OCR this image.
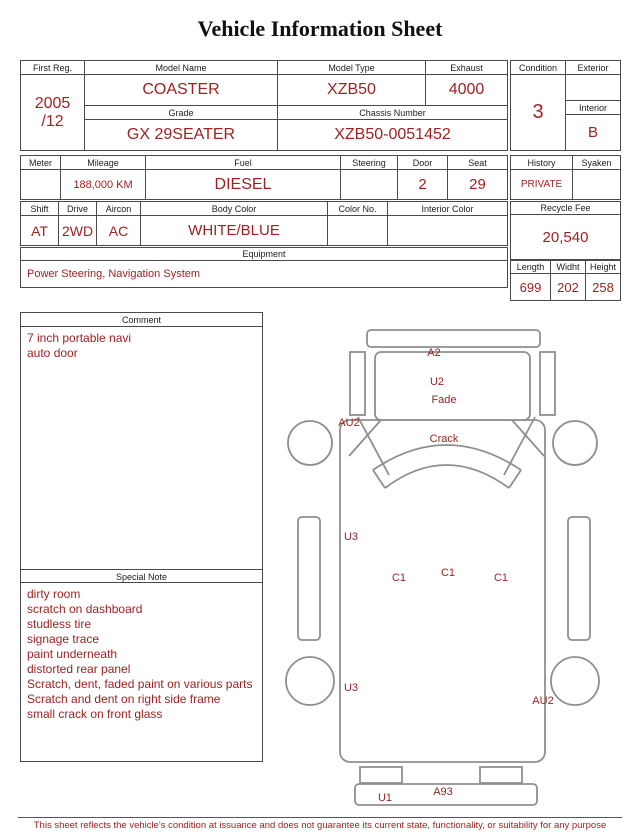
Vehicle Information Sheet
First Reg.	Model Name	Model Type	Exhaust

2005
/12	COASTER	XZB50	4000
	Grade	Chassis Number	
	GX 29SEATER	XZB50-0051452	
Condition	Exterior
3	
	Interior
	B
Meter	Mileage	Fuel	Steering	Door	Seat
	188,000 KM	DIESEL		2	29
Shift	Drive	Aircon	Body Color	Color No.	Interior Color
AT	2WD	AC	WHITE/BLUE		
Equipment
Power Steering, Navigation System
History	Syaken
PRIVATE	
Recycle Fee
20,540
Length	Widht	Height
699	202	258
Comment
7 inch portable navi
auto door
Special Note
dirty room
scratch on dashboard
studless tire
signage trace
paint underneath
distorted rear panel
Scratch, dent, faded paint on various parts
Scratch and dent on right side frame
small crack on front glass
A2
U2
Fade
AU2
Crack
U3
C1	C1	C1
U3
AU2
U1	A93
This sheet reflects the vehicle's condition at issuance and does not guarantee its current state, functionality, or suitability for any purpose
